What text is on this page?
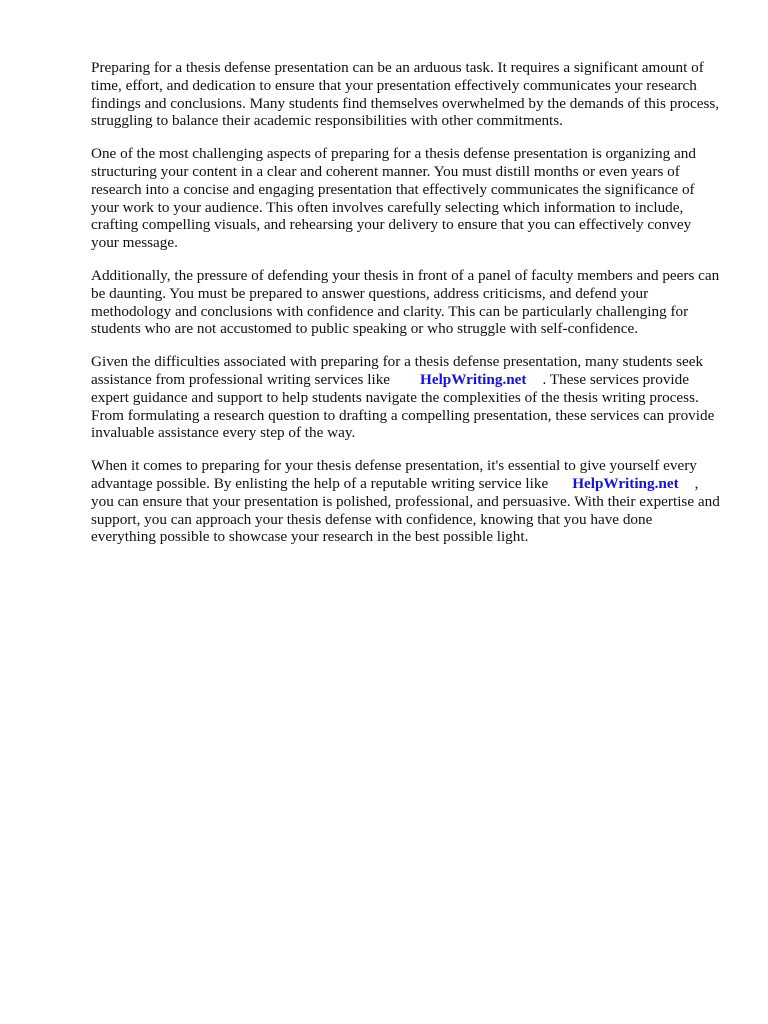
Preparing for a thesis defense presentation can be an arduous task. It requires a significant amount of time, effort, and dedication to ensure that your presentation effectively communicates your research findings and conclusions. Many students find themselves overwhelmed by the demands of this process, struggling to balance their academic responsibilities with other commitments.

One of the most challenging aspects of preparing for a thesis defense presentation is organizing and structuring your content in a clear and coherent manner. You must distill months or even years of research into a concise and engaging presentation that effectively communicates the significance of your work to your audience. This often involves carefully selecting which information to include, crafting compelling visuals, and rehearsing your delivery to ensure that you can effectively convey your message.

Additionally, the pressure of defending your thesis in front of a panel of faculty members and peers can be daunting. You must be prepared to answer questions, address criticisms, and defend your methodology and conclusions with confidence and clarity. This can be particularly challenging for students who are not accustomed to public speaking or who struggle with self-confidence.

Given the difficulties associated with preparing for a thesis defense presentation, many students seek assistance from professional writing services like HelpWriting.net . These services provide expert guidance and support to help students navigate the complexities of the thesis writing process. From formulating a research question to drafting a compelling presentation, these services can provide invaluable assistance every step of the way.

When it comes to preparing for your thesis defense presentation, it's essential to give yourself every advantage possible. By enlisting the help of a reputable writing service like HelpWriting.net , you can ensure that your presentation is polished, professional, and persuasive. With their expertise and support, you can approach your thesis defense with confidence, knowing that you have done everything possible to showcase your research in the best possible light.
